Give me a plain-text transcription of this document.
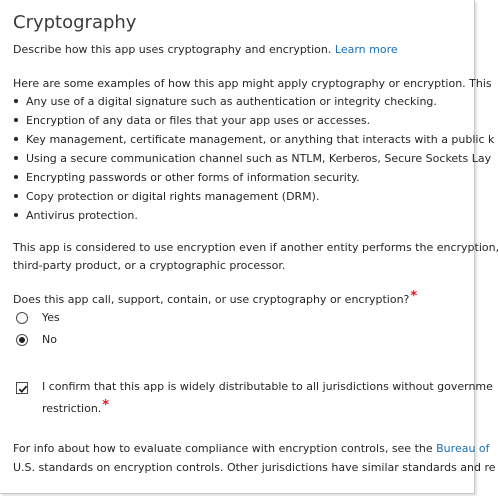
Cryptography
Describe how this app uses cryptography and encryption. Learn more
Here are some examples of how this app might apply cryptography or encryption. This
Any use of a digital signature such as authentication or integrity checking.
Encryption of any data or files that your app uses or accesses.
Key management, certificate management, or anything that interacts with a public k
Using a secure communication channel such as NTLM, Kerberos, Secure Sockets Lay
Encrypting passwords or other forms of information security.
Copy protection or digital rights management (DRM).
Antivirus protection.
This app is considered to use encryption even if another entity performs the encryption,
third-party product, or a cryptographic processor.
Does this app call, support, contain, or use cryptography or encryption?*
Yes
No
I confirm that this app is widely distributable to all jurisdictions without governme
restriction.*
For info about how to evaluate compliance with encryption controls, see the Bureau of
U.S. standards on encryption controls. Other jurisdictions have similar standards and re
